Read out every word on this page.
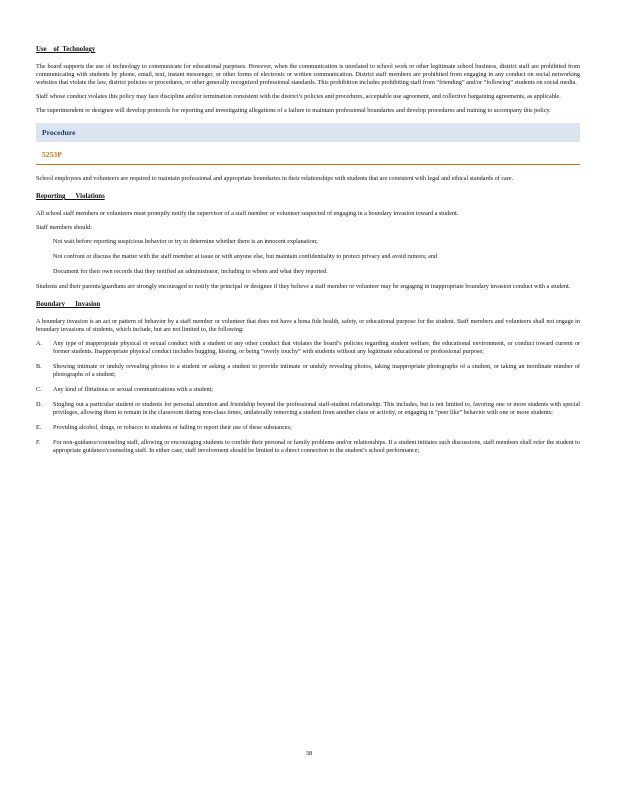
Use    of  Technology

The board supports the use of technology to communicate for educational purposes. However, when the communication is unrelated to school work or other legitimate school business, district staff are prohibited from communicating with students by phone, email, text, instant messenger, or other forms of electronic or written communication. District staff members are prohibited from engaging in any conduct on social networking websites that violate the law, district policies or procedures, or other generally recognized professional standards. This prohibition includes prohibiting staff from “friending” and/or “following” students on social media.

Staff whose conduct violates this policy may face discipline and/or termination consistent with the district’s policies and procedures, acceptable use agreement, and collective bargaining agreements, as applicable.

The superintendent or designee will develop protocols for reporting and investigating allegations of a failure to maintain professional boundaries and develop procedures and training to accompany this policy.

Procedure
5253P

School employees and volunteers are required to maintain professional and appropriate boundaries in their relationships with students that are consistent with legal and ethical standards of care.

Reporting      Violations

All school staff members or volunteers must promptly notify the supervisor of a staff member or volunteer suspected of engaging in a boundary invasion toward a student.

Staff members should:

Not wait before reporting suspicious behavior or try to determine whether there is an innocent explanation;
Not confront or discuss the matter with the staff member at issue or with anyone else, but maintain confidentiality to protect privacy and avoid rumors; and
Document for their own records that they notified an administrator, including to whom and what they reported.

Students and their parents/guardians are strongly encouraged to notify the principal or designee if they believe a staff member or volunteer may be engaging in inappropriate boundary invasion conduct with a student.

Boundary      Invasion

A boundary invasion is an act or pattern of behavior by a staff member or volunteer that does not have a bona fide health, safety, or educational purpose for the student. Staff members and volunteers shall not engage in boundary invasions of students, which include, but are not limited to, the following:

A.	Any type of inappropriate physical or sexual conduct with a student or any other conduct that violates the board’s policies regarding student welfare, the educational environment, or conduct toward current or former students. Inappropriate physical conduct includes hugging, kissing, or being “overly touchy” with students without any legitimate educational or professional purpose;
B.	Showing intimate or unduly revealing photos to a student or asking a student to provide intimate or unduly revealing photos, taking inappropriate photographs of a student, or taking an inordinate number of photographs of a student;
C.	Any kind of flirtatious or sexual communications with a student;
D.	Singling out a particular student or students for personal attention and friendship beyond the professional staff-student relationship. This includes, but is not limited to, favoring one or more students with special privileges, allowing them to remain in the classroom during non-class times, unilaterally removing a student from another class or activity, or engaging in “peer like” behavior with one or more students;
E.	Providing alcohol, drugs, or tobacco to students or failing to report their use of these substances;
F.	For non-guidance/counseling staff, allowing or encouraging students to confide their personal or family problems and/or relationships. If a student initiates such discussions, staff members shall refer the student to appropriate guidance/counseling staff. In either case, staff involvement should be limited to a direct connection to the student’s school performance;
38
